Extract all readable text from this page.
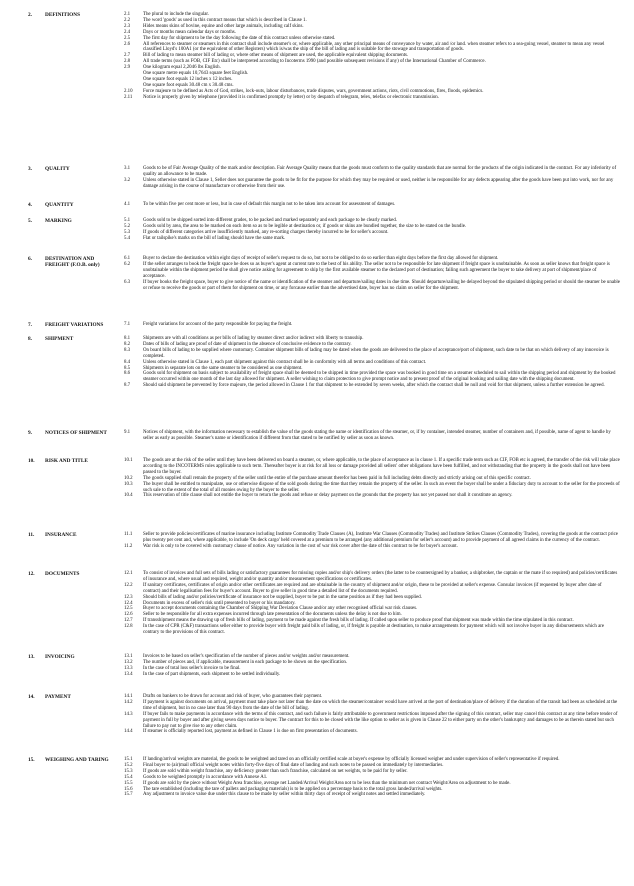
2. DEFINITIONS	2.1	The plural to include the singular.
2.2	The word 'goods' as used in this contract means that which is described in Clause 1.
2.3	Hides means skins of bovine, equine and other large animals, including calf skins.
2.4	Days or months mean calendar days or months.
2.5	The first day for shipment to be the day following the date of this contract unless otherwise stated.
2.6	All references to steamer or steamers in this contract shall include steamer's or, where applicable, any other principal means of conveyance by water, air and /or land. when steamer refers to a sea-going vessel, steamer to mean any vessel classified Lloyd's 100A1 (or the equivalent of other Registers) which is/was the ship of the bill of lading and is suitable for the stowage and transportation of goods.
2.7	Bill of lading to mean steamer bill of lading or, where other means of shipment are used, the applicable equivalent shipping documents.
2.8	All trade terms (such as FOB, CIF Etc) shall be interpreted according to Incoterms 1990 (and possible subsequent revisions if any) of the International Chamber of Commerce.
2.9	One kilogram equal 2,2046 lbs English.
One square metre equals 10,7643 square feet English.
One square foot equals 12 inches x 12 inches.
One square foot equals 30.48 cm x 30.48 cms.
2.10 Force majeure to be defined as Acts of God, strikes, lock-outs, labour disturbances, trade disputes, wars, government actions, riots, civil commotions, fires, floods, epidemics.
2.11 Notice is properly given by telephone (provided it is confirmed promptly by letter) or by despatch of telegram, telex, telefax or electronic transmission.
3. QUALITY	3.1	Goods to be of Fair Average Quality of the mark and/or description. Fair Average Quality means that the goods must conform to the quality standards that are normal for the products of the origin indicated in the contract. For any inferiority of quality an allowance to be made.
3.2	Unless otherwise stated in Clause 1, Seller does not guarantee the goods to be fit for the purpose for which they may be required or used, neither is he responsible for any defects appearing after the goods have been put into work, nor for any damage arising in the course of manufacture or otherwise from their use.
4. QUANTITY	4.1	To be within five per cent more or less, but in case of default this margin not to be taken into account for assessment of damages.
5. MARKING	5.1	Goods sold to be shipped sorted into different grades, to be packed and marked separately and each package to be clearly marked.
5.2	Goods sold by area, the area to be marked on each item so as to be legible at destination or, if goods or skins are bundled together, the size to be stated on the bundle.
5.3	If goods of different categories arrive insufficiently marked, any re-sorting charges thereby incurred to be for seller's account.
5.4	Flat or tailspike's marks on the bill of lading should have the same mark.
6. DESTINATION AND FREIGHT (F.O.B. only)
6.1	Buyer to declare the destination within eight days of receipt of seller's request to do so, but not to be obliged to do so earlier than eight days before the first day allowed for shipment.
6.2	If the seller arranges to book the freight space he does so as buyer's agent at current rate to the best of his ability. The seller not to be responsible for late shipment if freight space is unobtainable. As soon as seller knows that freight space is unobtainable within the shipment period he shall give notice asking for agreement to ship by the first available steamer to the declared port of destination; failing such agreement the buyer to take delivery at port of shipment/place of acceptance.
6.3	If buyer books the freight space, buyer to give notice of the name or identification of the steamer and departure/sailing dates in due time. Should departure/sailing be delayed beyond the stipulated shipping period or should the steamer be unable or refuse to receive the goods or part of them for shipment on time, or any forcause earlier than the advertised date, buyer has no claim on seller for the shipment.
7. FREIGHT VARIATIONS	7.1	Freight variations for account of the party responsible for paying the freight.
8. SHIPMENT	8.1	Shipments are with all conditions as per bills of lading by steamer direct and/or indirect with liberty to transship.
8.2	Dates of bills of lading are proof of date of shipment in the absence of conclusive evidence to the contrary.
8.3	On board bills of lading to be supplied where customary. Container shipment bills of lading may be dated when the goods are delivered to the place of acceptance/port of shipment, such date to be that on which delivery of any innovoice is completed.
8.4	Unless otherwise stated in Clause 1, each part shipment against this contract shall be in conformity with all terms and conditions of this contract.
8.5	Shipments in separate lots on the same steamer to be considered as one shipment.
8.6	Goods sold for shipment on basis subject to availability of freight space shall be deemed to be shipped in time provided the space was booked in good time on a steamer scheduled to sail within the shipping period and shipment by the booked steamer occurred within one month of the last day allowed for shipment. A seller wishing to claim protection to give prompt notice and to present proof of the original booking and sailing date with the shipping document.
8.7	Should said shipment be prevented by force majeure, the period allowed in Clause 1 for that shipment to be extended by seven weeks, after which the contract shall be null and void for that shipment, unless a further extension be agreed.
9. NOTICES OF SHIPMENT	9.1	Notices of shipment, with the information necessary to establish the value of the goods stating the name or identification of the steamer, or, if by container, intended steamer, number of containers and, if possible, name of agent to handle by seller as early as possible. Steamer's name or identification if different from that stated to be notified by seller as soon as known.
10. RISK AND TITLE	10.1 The goods are at the risk of the seller until they have been delivered on board a steamer, or, where applicable, to the place of acceptance as in clause 1. If a specific trade term such as CIF, FOB etc is agreed, the transfer of the risk will take place according to the INCOTERMS rules applicable to such term. Thereafter buyer is at risk for all loss or damage provided all sellers' other obligations have been fulfilled, and not withstanding that the property in the goods shall not have been passed to the buyer.
10.2 The goods supplied shall remain the property of the seller until the entire of the purchase amount therefor has been paid in full including debts directly and strictly arising out of this specific contract.
10.3 The buyer shall be entitled to manipulate, use or otherwise dispose of the sold goods during the time that they remain the property of the seller. In such an event the buyer shall be under a fiduciary duty to account to the seller for the proceeds of such sale to the extent of the total of all monies owing by the buyer to the seller.
10.4 This reservation of title clause shall not entitle the buyer to return the goods and refuse or delay payment on the grounds that the property has not yet passed nor shall it constitute an agency.
11. INSURANCE	11.1 Seller to provide policies/certificates of marine insurance including Institute Commodity Trade Clauses (A), Institute War Clauses (Commodity Trades) and Institute Strikes Clauses (Commodity Trades), covering the goods at the contract price plus twenty per cent and, where applicable, to include 'On deck cargo' held covered at a premium to be arranged (any additional premium for seller's account) and to provide payment of all agreed claims in the currency of the contract.
11.2 War risk is only to be covered with customary clause of notice. Any variation in the cost of war risk cover after the date of this contract to be for buyer's account.
12. DOCUMENTS	12.1 To consist of invoices and full sets of bills lading or satisfactory guarantees for missing copies and/or ship's delivery orders (the latter to be countersigned by a banker, a shipbroker, the captain or the mate if so required) and policies/certificates of insurance and, where usual and required, weight and/or quantity and/or measurement specifications or certificates.
12.2 If sanitary certificates, certificates of origin and/or other certificates are required and are obtainable in the country of shipment and/or origin, these to be provided at seller's expense. Consular invoices (if requested by buyer after date of contract) and their legalisation fees for buyer's account. Buyer to give seller in good time a detailed list of the documents required.
12.3 Should bills of lading and/or policies/certificate of insurance not be supplied, buyer to be put in the same position as if they had been supplied.
12.4 Documents in excess of seller's risk until presented to buyer or his mandatory.
12.5 Buyer to accept documents containing the Chamber of Shipping War Deviation Clause and/or any other recognised official war risk clauses.
12.6 Seller to be responsible for all extra expenses incurred through late presentation of the documents unless the delay is not due to him.
12.7 If transshipment means the drawing up of fresh bills of lading, payment to be made against the fresh bills of lading. If called upon seller to produce proof that shipment was made within the time stipulated in this contract.
12.8 In the case of CPR (C&F) transactions seller either to provide buyer with freight paid bills of lading, or, if freight is payable at destination, to make arrangements for payment which will not involve buyer in any disbursements which are contrary to the provisions of this contract.
13. INVOICING	13.1 Invoices to be based on seller's specification of the number of pieces and/or weights and/or measurement.
13.2 The number of pieces and, if applicable, measurement in each package to be shown on the specification.
13.3 In the case of total loss seller's invoice to be final.
13.4 In the case of part shipments, each shipment to be settled individually.
14. PAYMENT	14.1 Drafts on bankers to be drawn for account and risk of buyer, who guarantees their payment.
14.2 If payment is against documents on arrival, payment must take place not later than the date on which the steamer/container would have arrived at the port of destination/place of delivery if the duration of the transit had been as scheduled at the time of shipment, but in no case later than 90 days from the date of the bill of lading.
14.3 If buyer fails to make payments in accordance with the terms of this contract, and such failure is fairly attributable to government restrictions imposed after the signing of this contract, seller may cancel this contract at any time before tender of payment in full by buyer and after giving seven days notice to buyer. The contract for this to be closed with the like option to seller as is given in Clause 22 to either party on the other's bankruptcy and damages to be as therein stated but such failure to pay not to give rise to any other claim.
14.4 If steamer is officially reported lost, payment as defined in Clause 1 is due on first presentation of documents.
15. WEIGHING AND TARING	15.1 If landing/arrival weights are material, the goods to be weighted and tared on an officially certified scale at buyer's expense by officially licensed weigher and under supervision of seller's representative if required.
15.2 Final buyer to (air)mail official weight notes within forty-five days of final date of landing and such notes to be passed on immediately by intermediaries.
15.3 If goods are sold within weight franchise, any deficiency greater than such franchise, calculated on net weights, to be paid for by seller.
15.4 Goods to be weighted promptly in accordance with Annexe A1.
15.5 If goods are sold by the piece without Weight Area franchise, average net Landed/Arrival Weight/Area not to be less than the minimum net contract Weight/Area on adjustment to be made.
15.6 The tare established (including the tare of pallets and packaging materials) is to be applied on a percentage basis to the total gross landed/arrival weights.
15.7 Any adjustment to invoice value due under this clause to be made by seller within thirty days of receipt of weight notes and settled immediately.
